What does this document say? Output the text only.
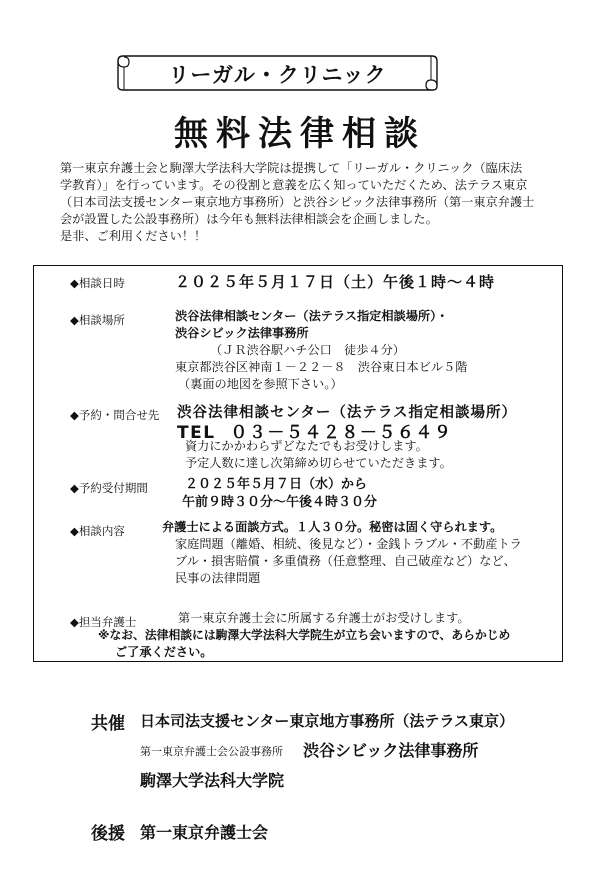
リーガル・クリニック
無料法律相談
第一東京弁護士会と駒澤大学法科大学院は提携して「リーガル・クリニック（臨床法
学教育）」を行っています。その役割と意義を広く知っていただくため、法テラス東京
（日本司法支援センター東京地方事務所）と渋谷シビック法律事務所（第一東京弁護士
会が設置した公設事務所）は今年も無料法律相談会を企画しました。
是非、ご利用ください！！
◆相談日時	２０２５年５月１７日（土）午後１時～４時
◆相談場所	渋谷法律相談センター（法テラス指定相談場所）・
渋谷シビック法律事務所
（ＪＲ渋谷駅ハチ公口　徒歩４分）
東京都渋谷区神南１－２２－８　渋谷東日本ビル５階
（裏面の地図を参照下さい。）
◆予約・問合せ先 渋谷法律相談センター（法テラス指定相談場所）
TEL ０３－５４２８－５６４９
資力にかかわらずどなたでもお受けします。
予定人数に達し次第締め切らせていただきます。
◆予約受付期間	２０２５年５月７日（水）から
午前９時３０分～午後４時３０分
◆相談内容	弁護士による面談方式。１人３０分。秘密は固く守られます。
家庭問題（離婚、相続、後見など）・金銭トラブル・不動産トラ
ブル・損害賠償・多重債務（任意整理、自己破産など）など、
民事の法律問題
◆担当弁護士	第一東京弁護士会に所属する弁護士がお受けします。
※なお、法律相談には駒澤大学法科大学院生が立ち会いますので、あらかじめ
ご了承ください。
共催 日本司法支援センター東京地方事務所（法テラス東京）
第一東京弁護士会公設事務所 渋谷シビック法律事務所
駒澤大学法科大学院
後援 第一東京弁護士会
